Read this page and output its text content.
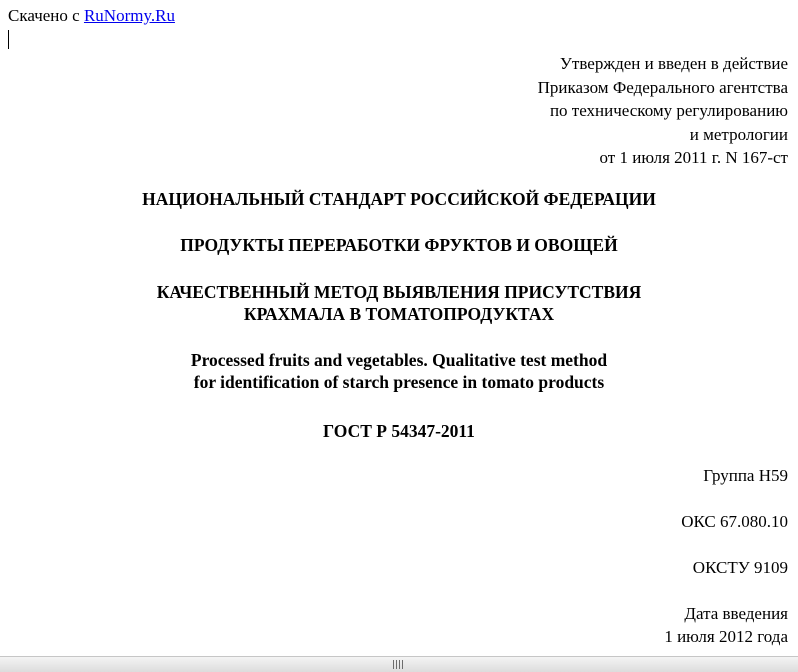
Скачено с RuNormy.Ru
Утвержден и введен в действие
Приказом Федерального агентства
по техническому регулированию
и метрологии
от 1 июля 2011 г. N 167-ст
НАЦИОНАЛЬНЫЙ СТАНДАРТ РОССИЙСКОЙ ФЕДЕРАЦИИ
ПРОДУКТЫ ПЕРЕРАБОТКИ ФРУКТОВ И ОВОЩЕЙ
КАЧЕСТВЕННЫЙ МЕТОД ВЫЯВЛЕНИЯ ПРИСУТСТВИЯ
КРАХМАЛА В ТОМАТОПРОДУКТАХ
Processed fruits and vegetables. Qualitative test method
for identification of starch presence in tomato products
ГОСТ Р 54347-2011
Группа Н59
ОКС 67.080.10
ОКСТУ 9109
Дата введения
1 июля 2012 года
